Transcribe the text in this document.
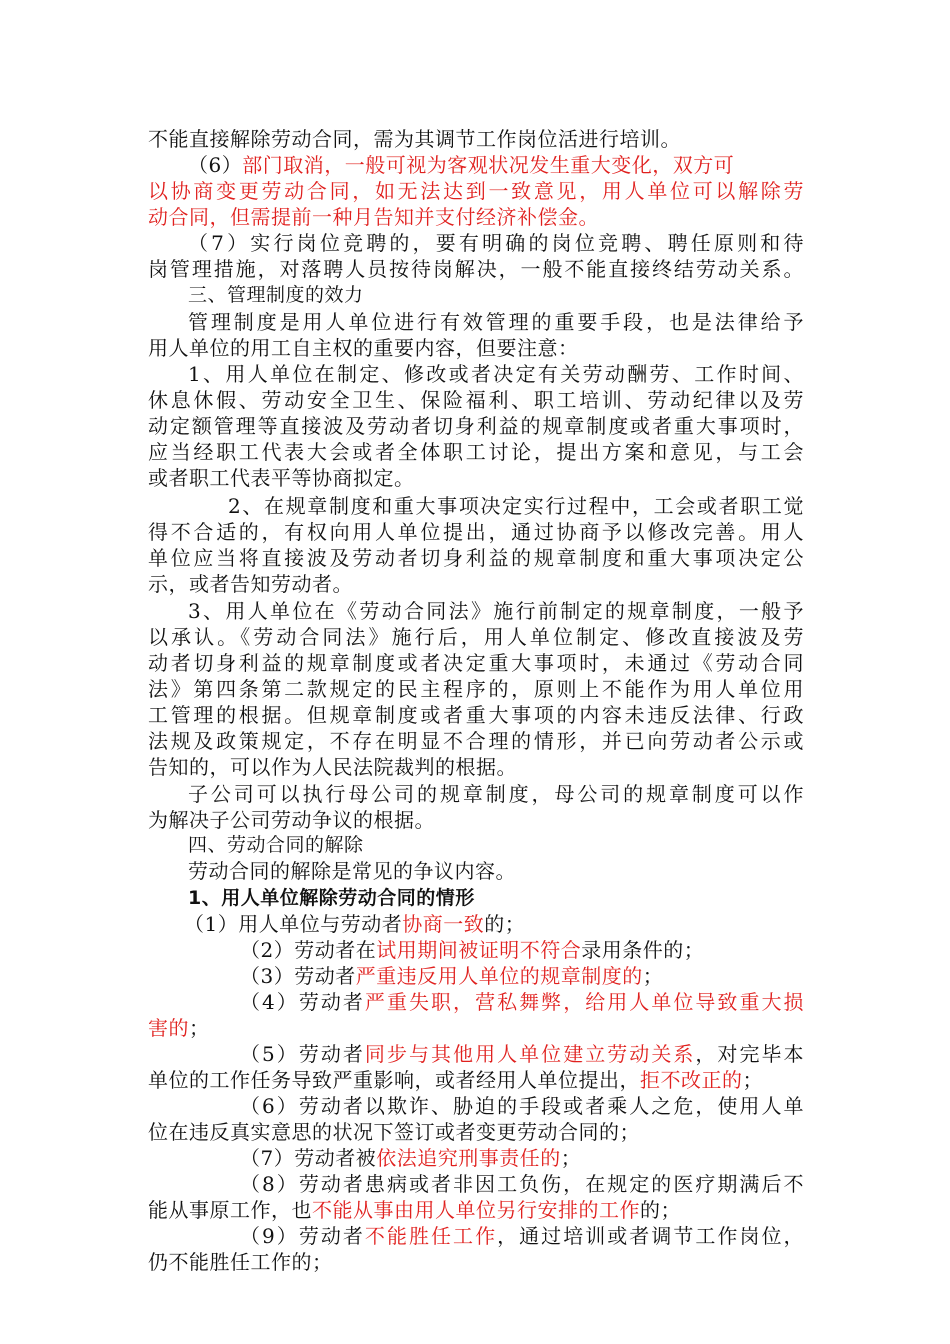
不能直接解除劳动合同，需为其调节工作岗位活进行培训。
（6）部门取消，一般可视为客观状况发生重大变化，双方可
以协商变更劳动合同，如无法达到一致意见，用人单位可以解除劳
动合同，但需提前一种月告知并支付经济补偿金。
（7）实行岗位竞聘的，要有明确的岗位竞聘、聘任原则和待
岗管理措施，对落聘人员按待岗解决，一般不能直接终结劳动关系。
三、管理制度的效力
管理制度是用人单位进行有效管理的重要手段，也是法律给予
用人单位的用工自主权的重要内容，但要注意：
1、用人单位在制定、修改或者决定有关劳动酬劳、工作时间、
休息休假、劳动安全卫生、保险福利、职工培训、劳动纪律以及劳
动定额管理等直接波及劳动者切身利益的规章制度或者重大事项时，
应当经职工代表大会或者全体职工讨论，提出方案和意见，与工会
或者职工代表平等协商拟定。
2、在规章制度和重大事项决定实行过程中，工会或者职工觉
得不合适的，有权向用人单位提出，通过协商予以修改完善。用人
单位应当将直接波及劳动者切身利益的规章制度和重大事项决定公
示，或者告知劳动者。
3、用人单位在《劳动合同法》施行前制定的规章制度，一般予
以承认。《劳动合同法》施行后，用人单位制定、修改直接波及劳
动者切身利益的规章制度或者决定重大事项时，未通过《劳动合同
法》第四条第二款规定的民主程序的，原则上不能作为用人单位用
工管理的根据。但规章制度或者重大事项的内容未违反法律、行政
法规及政策规定，不存在明显不合理的情形，并已向劳动者公示或
告知的，可以作为人民法院裁判的根据。
子公司可以执行母公司的规章制度，母公司的规章制度可以作
为解决子公司劳动争议的根据。
四、劳动合同的解除
劳动合同的解除是常见的争议内容。
1、用人单位解除劳动合同的情形
（1）用人单位与劳动者协商一致的；
（2）劳动者在试用期间被证明不符合录用条件的；
（3）劳动者严重违反用人单位的规章制度的；
（4）劳动者严重失职，营私舞弊，给用人单位导致重大损
害的；
（5）劳动者同步与其他用人单位建立劳动关系，对完毕本
单位的工作任务导致严重影响，或者经用人单位提出，拒不改正的；
（6）劳动者以欺诈、胁迫的手段或者乘人之危，使用人单
位在违反真实意思的状况下签订或者变更劳动合同的；
（7）劳动者被依法追究刑事责任的；
（8）劳动者患病或者非因工负伤，在规定的医疗期满后不
能从事原工作，也不能从事由用人单位另行安排的工作的；
（9）劳动者不能胜任工作，通过培训或者调节工作岗位，
仍不能胜任工作的；
